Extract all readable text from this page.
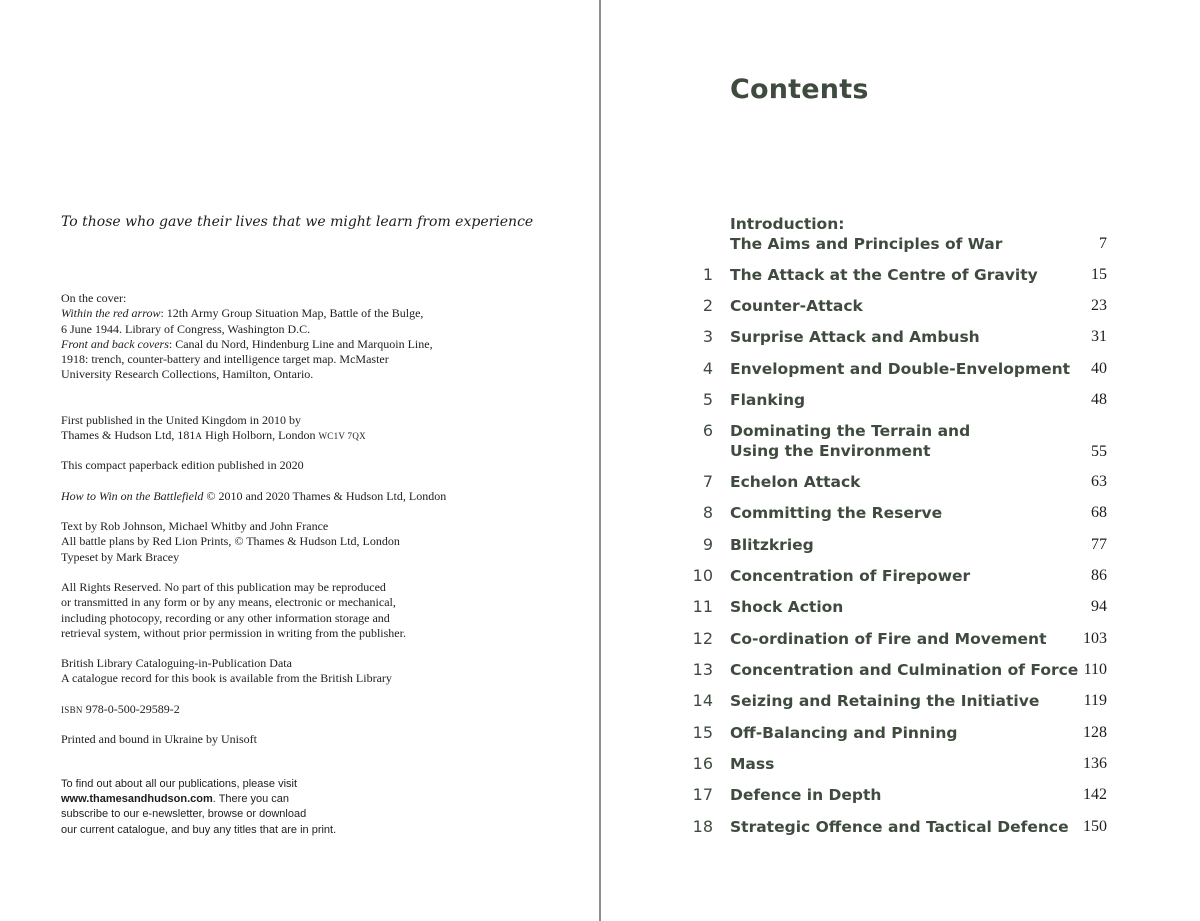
To those who gave their lives that we might learn from experience

On the cover:

Within the red arrow: 12th Army Group Situation Map, Battle of the Bulge,

6 June 1944. Library of Congress, Washington D.C.

Front and back covers: Canal du Nord, Hindenburg Line and Marquoin Line,

1918: trench, counter-battery and intelligence target map. McMaster

University Research Collections, Hamilton, Ontario.

First published in the United Kingdom in 2010 by

Thames & Hudson Ltd, 181A High Holborn, London WC1V 7QX

This compact paperback edition published in 2020

How to Win on the Battlefield © 2010 and 2020 Thames & Hudson Ltd, London

Text by Rob Johnson, Michael Whitby and John France

All battle plans by Red Lion Prints, © Thames & Hudson Ltd, London

Typeset by Mark Bracey

All Rights Reserved. No part of this publication may be reproduced

or transmitted in any form or by any means, electronic or mechanical,

including photocopy, recording or any other information storage and

retrieval system, without prior permission in writing from the publisher.

British Library Cataloguing-in-Publication Data

A catalogue record for this book is available from the British Library

ISBN 978-0-500-29589-2

Printed and bound in Ukraine by Unisoft

To find out about all our publications, please visit

www.thamesandhudson.com. There you can

subscribe to our e-newsletter, browse or download

our current catalogue, and buy any titles that are in print.

Contents
Introduction:
The Aims and Principles of War	7
1 The Attack at the Centre of Gravity	15
2 Counter-Attack	23
3 Surprise Attack and Ambush	31
4 Envelopment and Double-Envelopment 40
5 Flanking	48
6 Dominating the Terrain and
Using the Environment	55
7 Echelon Attack	63
8 Committing the Reserve	68
9 Blitzkrieg	77
10 Concentration of Firepower	86
11 Shock Action	94
12 Co-ordination of Fire and Movement 103
13 Concentration and Culmination of Force 110
14 Seizing and Retaining the Initiative	119
15 Off-Balancing and Pinning	128
16 Mass	136
17 Defence in Depth	142
18 Strategic Offence and Tactical Defence 150
